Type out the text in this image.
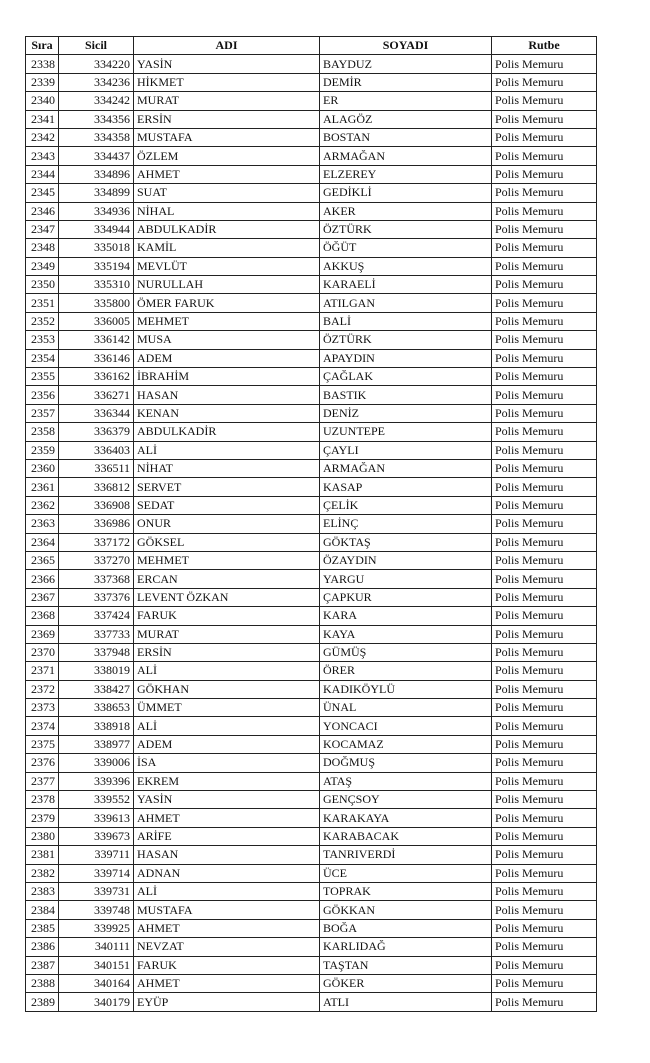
Sıra	Sicil	ADI	SOYADI	Rutbe
2338	334220	YASİN	BAYDUZ	Polis Memuru
2339	334236	HİKMET	DEMİR	Polis Memuru
2340	334242	MURAT	ER	Polis Memuru
2341	334356	ERSİN	ALAGÖZ	Polis Memuru
2342	334358	MUSTAFA	BOSTAN	Polis Memuru
2343	334437	ÖZLEM	ARMAĞAN	Polis Memuru
2344	334896	AHMET	ELZEREY	Polis Memuru
2345	334899	SUAT	GEDİKLİ	Polis Memuru
2346	334936	NİHAL	AKER	Polis Memuru
2347	334944	ABDULKADİR	ÖZTÜRK	Polis Memuru
2348	335018	KAMİL	ÖĞÜT	Polis Memuru
2349	335194	MEVLÜT	AKKUŞ	Polis Memuru
2350	335310	NURULLAH	KARAELİ	Polis Memuru
2351	335800	ÖMER FARUK	ATILGAN	Polis Memuru
2352	336005	MEHMET	BALİ	Polis Memuru
2353	336142	MUSA	ÖZTÜRK	Polis Memuru
2354	336146	ADEM	APAYDIN	Polis Memuru
2355	336162	İBRAHİM	ÇAĞLAK	Polis Memuru
2356	336271	HASAN	BASTIK	Polis Memuru
2357	336344	KENAN	DENİZ	Polis Memuru
2358	336379	ABDULKADİR	UZUNTEPE	Polis Memuru
2359	336403	ALİ	ÇAYLI	Polis Memuru
2360	336511	NİHAT	ARMAĞAN	Polis Memuru
2361	336812	SERVET	KASAP	Polis Memuru
2362	336908	SEDAT	ÇELİK	Polis Memuru
2363	336986	ONUR	ELİNÇ	Polis Memuru
2364	337172	GÖKSEL	GÖKTAŞ	Polis Memuru
2365	337270	MEHMET	ÖZAYDIN	Polis Memuru
2366	337368	ERCAN	YARGU	Polis Memuru
2367	337376	LEVENT ÖZKAN	ÇAPKUR	Polis Memuru
2368	337424	FARUK	KARA	Polis Memuru
2369	337733	MURAT	KAYA	Polis Memuru
2370	337948	ERSİN	GÜMÜŞ	Polis Memuru
2371	338019	ALİ	ÖRER	Polis Memuru
2372	338427	GÖKHAN	KADIKÖYLÜ	Polis Memuru
2373	338653	ÜMMET	ÜNAL	Polis Memuru
2374	338918	ALİ	YONCACI	Polis Memuru
2375	338977	ADEM	KOCAMAZ	Polis Memuru
2376	339006	İSA	DOĞMUŞ	Polis Memuru
2377	339396	EKREM	ATAŞ	Polis Memuru
2378	339552	YASİN	GENÇSOY	Polis Memuru
2379	339613	AHMET	KARAKAYA	Polis Memuru
2380	339673	ARİFE	KARABACAK	Polis Memuru
2381	339711	HASAN	TANRIVERDİ	Polis Memuru
2382	339714	ADNAN	ÜCE	Polis Memuru
2383	339731	ALİ	TOPRAK	Polis Memuru
2384	339748	MUSTAFA	GÖKKAN	Polis Memuru
2385	339925	AHMET	BOĞA	Polis Memuru
2386	340111	NEVZAT	KARLIDAĞ	Polis Memuru
2387	340151	FARUK	TAŞTAN	Polis Memuru
2388	340164	AHMET	GÖKER	Polis Memuru
2389	340179	EYÜP	ATLI	Polis Memuru
